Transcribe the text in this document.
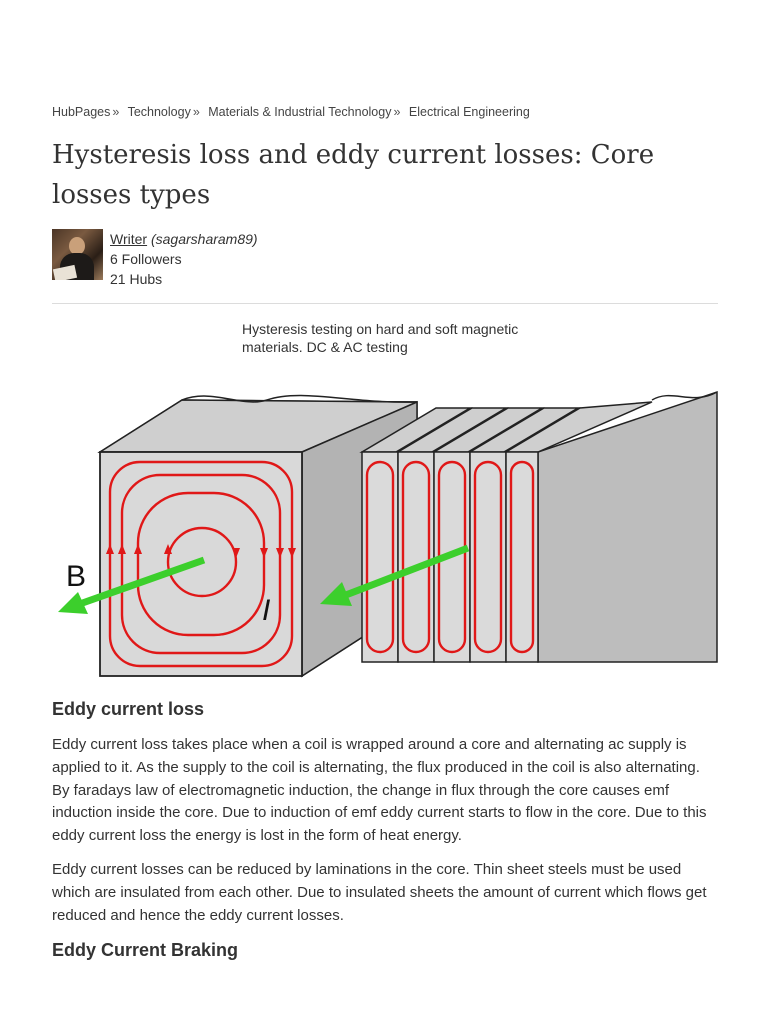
HubPages » Technology » Materials & Industrial Technology » Electrical Engineering
Hysteresis loss and eddy current losses: Core losses types
Writer (sagarsharam89)
6 Followers
21 Hubs
Hysteresis testing on hard and soft magnetic materials. DC & AC testing
B
I
Eddy current loss

Eddy current loss takes place when a coil is wrapped around a core and alternating ac supply is applied to it. As the supply to the coil is alternating, the flux produced in the coil is also alternating. By faradays law of electromagnetic induction, the change in flux through the core causes emf induction inside the core. Due to induction of emf eddy current starts to flow in the core. Due to this eddy current loss the energy is lost in the form of heat energy.

Eddy current losses can be reduced by laminations in the core. Thin sheet steels must be used which are insulated from each other. Due to insulated sheets the amount of current which flows get reduced and hence the eddy current losses.

Eddy Current Braking
